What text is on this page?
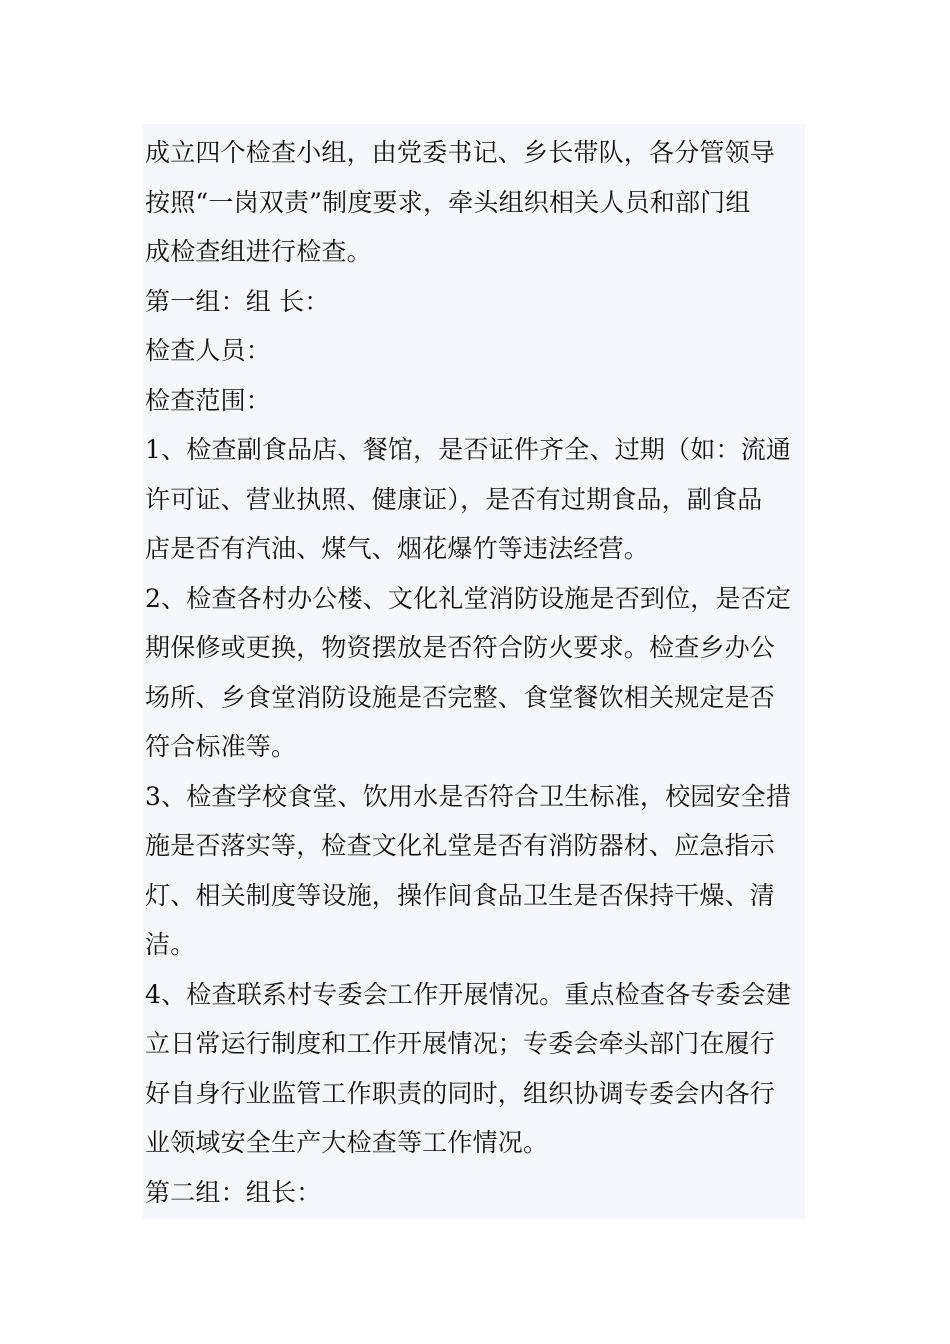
成立四个检查小组，由党委书记、乡长带队，各分管领导
按照“一岗双责”制度要求，牵头组织相关人员和部门组
成检查组进行检查。
第一组：组 长：
检查人员：
检查范围：
1、检查副食品店、餐馆，是否证件齐全、过期（如：流通
许可证、营业执照、健康证），是否有过期食品，副食品
店是否有汽油、煤气、烟花爆竹等违法经营。
2、检查各村办公楼、文化礼堂消防设施是否到位，是否定
期保修或更换，物资摆放是否符合防火要求。检查乡办公
场所、乡食堂消防设施是否完整、食堂餐饮相关规定是否
符合标准等。
3、检查学校食堂、饮用水是否符合卫生标准，校园安全措
施是否落实等，检查文化礼堂是否有消防器材、应急指示
灯、相关制度等设施，操作间食品卫生是否保持干燥、清
洁。
4、检查联系村专委会工作开展情况。重点检查各专委会建
立日常运行制度和工作开展情况；专委会牵头部门在履行
好自身行业监管工作职责的同时，组织协调专委会内各行
业领域安全生产大检查等工作情况。
第二组：组长：
